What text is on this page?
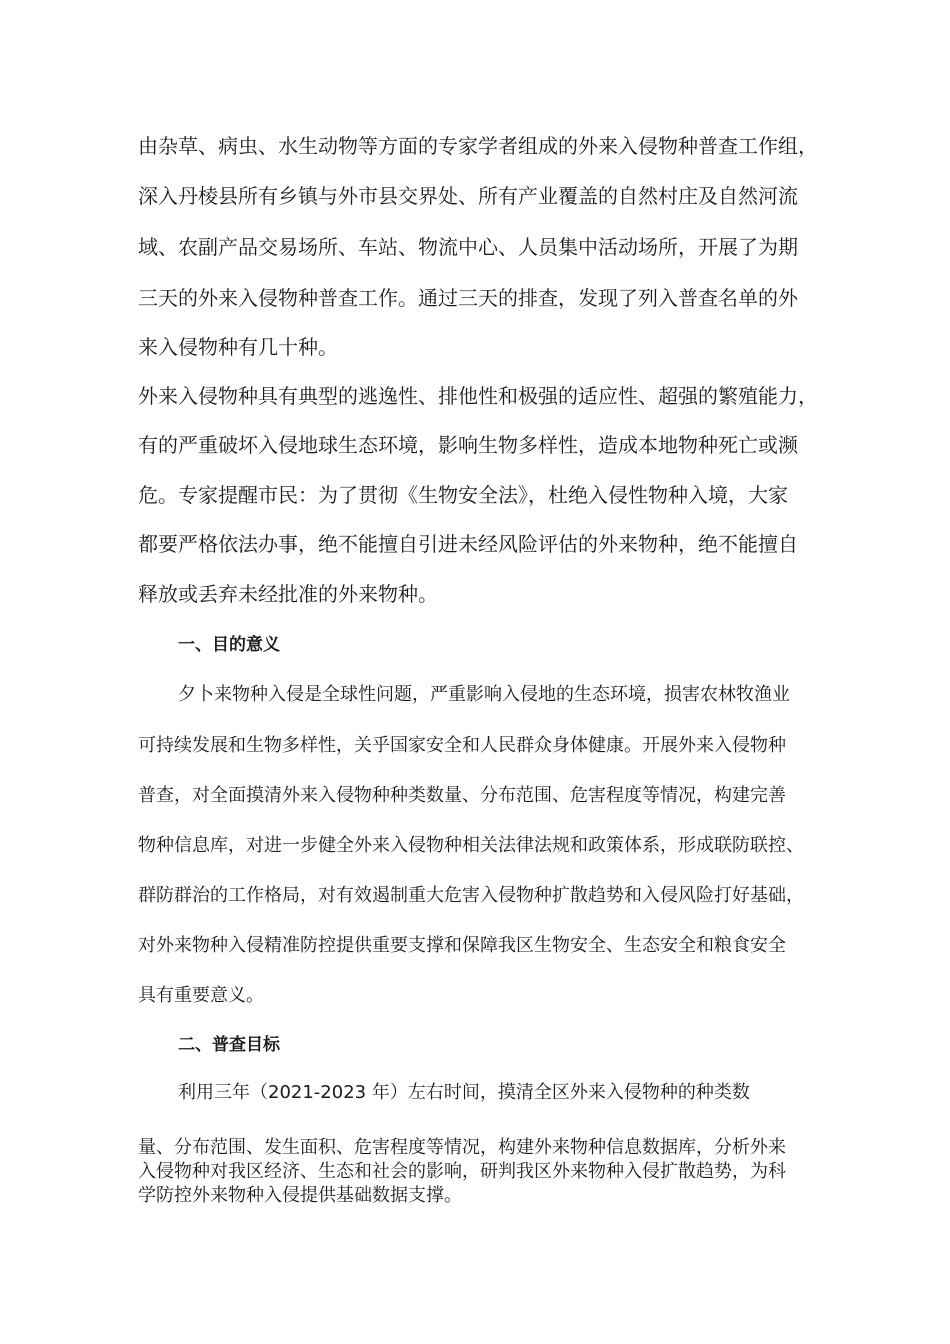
由杂草、病虫、水生动物等方面的专家学者组成的外来入侵物种普查工作组，
深入丹棱县所有乡镇与外市县交界处、所有产业覆盖的自然村庄及自然河流
域、农副产品交易场所、车站、物流中心、人员集中活动场所，开展了为期
三天的外来入侵物种普查工作。通过三天的排查，发现了列入普查名单的外
来入侵物种有几十种。
外来入侵物种具有典型的逃逸性、排他性和极强的适应性、超强的繁殖能力，
有的严重破坏入侵地球生态环境，影响生物多样性，造成本地物种死亡或濒
危。专家提醒市民：为了贯彻《生物安全法》，杜绝入侵性物种入境，大家
都要严格依法办事，绝不能擅自引进未经风险评估的外来物种，绝不能擅自
释放或丢弃未经批准的外来物种。
一、目的意义
夕卜来物种入侵是全球性问题，严重影响入侵地的生态环境，损害农林牧渔业
可持续发展和生物多样性，关乎国家安全和人民群众身体健康。开展外来入侵物种
普查，对全面摸清外来入侵物种种类数量、分布范围、危害程度等情况，构建完善
物种信息库，对进一步健全外来入侵物种相关法律法规和政策体系，形成联防联控、
群防群治的工作格局，对有效遏制重大危害入侵物种扩散趋势和入侵风险打好基础，
对外来物种入侵精准防控提供重要支撑和保障我区生物安全、生态安全和粮食安全
具有重要意义。
二、普查目标
利用三年（2021-2023 年）左右时间，摸清全区外来入侵物种的种类数
量、分布范围、发生面积、危害程度等情况，构建外来物种信息数据库，分析外来
入侵物种对我区经济、生态和社会的影响，研判我区外来物种入侵扩散趋势，为科
学防控外来物种入侵提供基础数据支撑。
